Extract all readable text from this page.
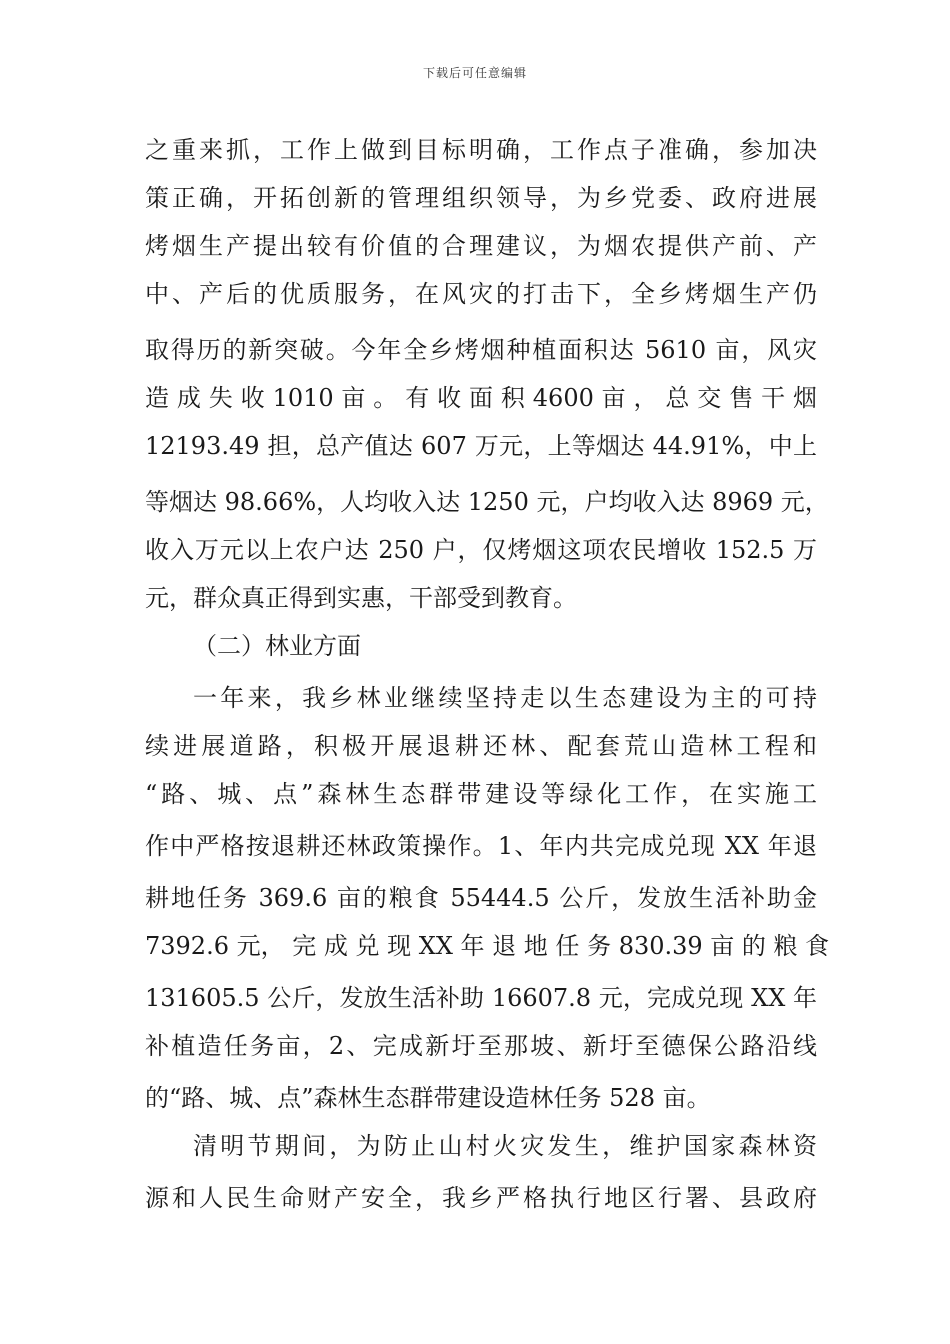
下载后可任意编辑
之重来抓，工作上做到目标明确，工作点子准确，参加决
策正确，开拓创新的管理组织领导，为乡党委、政府进展
烤烟生产提出较有价值的合理建议，为烟农提供产前、产
中、产后的优质服务，在风灾的打击下，全乡烤烟生产仍
取得历的新突破。今年全乡烤烟种植面积达 5610 亩，风灾
造 成 失 收 1010 亩 。 有 收 面 积 4600 亩 ， 总 交 售 干 烟
12193.49 担，总产值达 607 万元，上等烟达 44.91%，中上
等烟达 98.66%，人均收入达 1250 元，户均收入达 8969 元，
收入万元以上农户达 250 户，仅烤烟这项农民增收 152.5 万
元，群众真正得到实惠，干部受到教育。
（二）林业方面
一年来，我乡林业继续坚持走以生态建设为主的可持
续进展道路，积极开展退耕还林、配套荒山造林工程和
“路、城、点”森林生态群带建设等绿化工作，在实施工
作中严格按退耕还林政策操作。1、年内共完成兑现 XX 年退
耕地任务 369.6 亩的粮食 55444.5 公斤，发放生活补助金
7392.6 元， 完 成 兑 现 XX 年 退 地 任 务 830.39 亩 的 粮 食
131605.5 公斤，发放生活补助 16607.8 元，完成兑现 XX 年
补植造任务亩，2、完成新圩至那坡、新圩至德保公路沿线
的“路、城、点”森林生态群带建设造林任务 528 亩。
清明节期间，为防止山村火灾发生，维护国家森林资
源和人民生命财产安全，我乡严格执行地区行署、县政府
